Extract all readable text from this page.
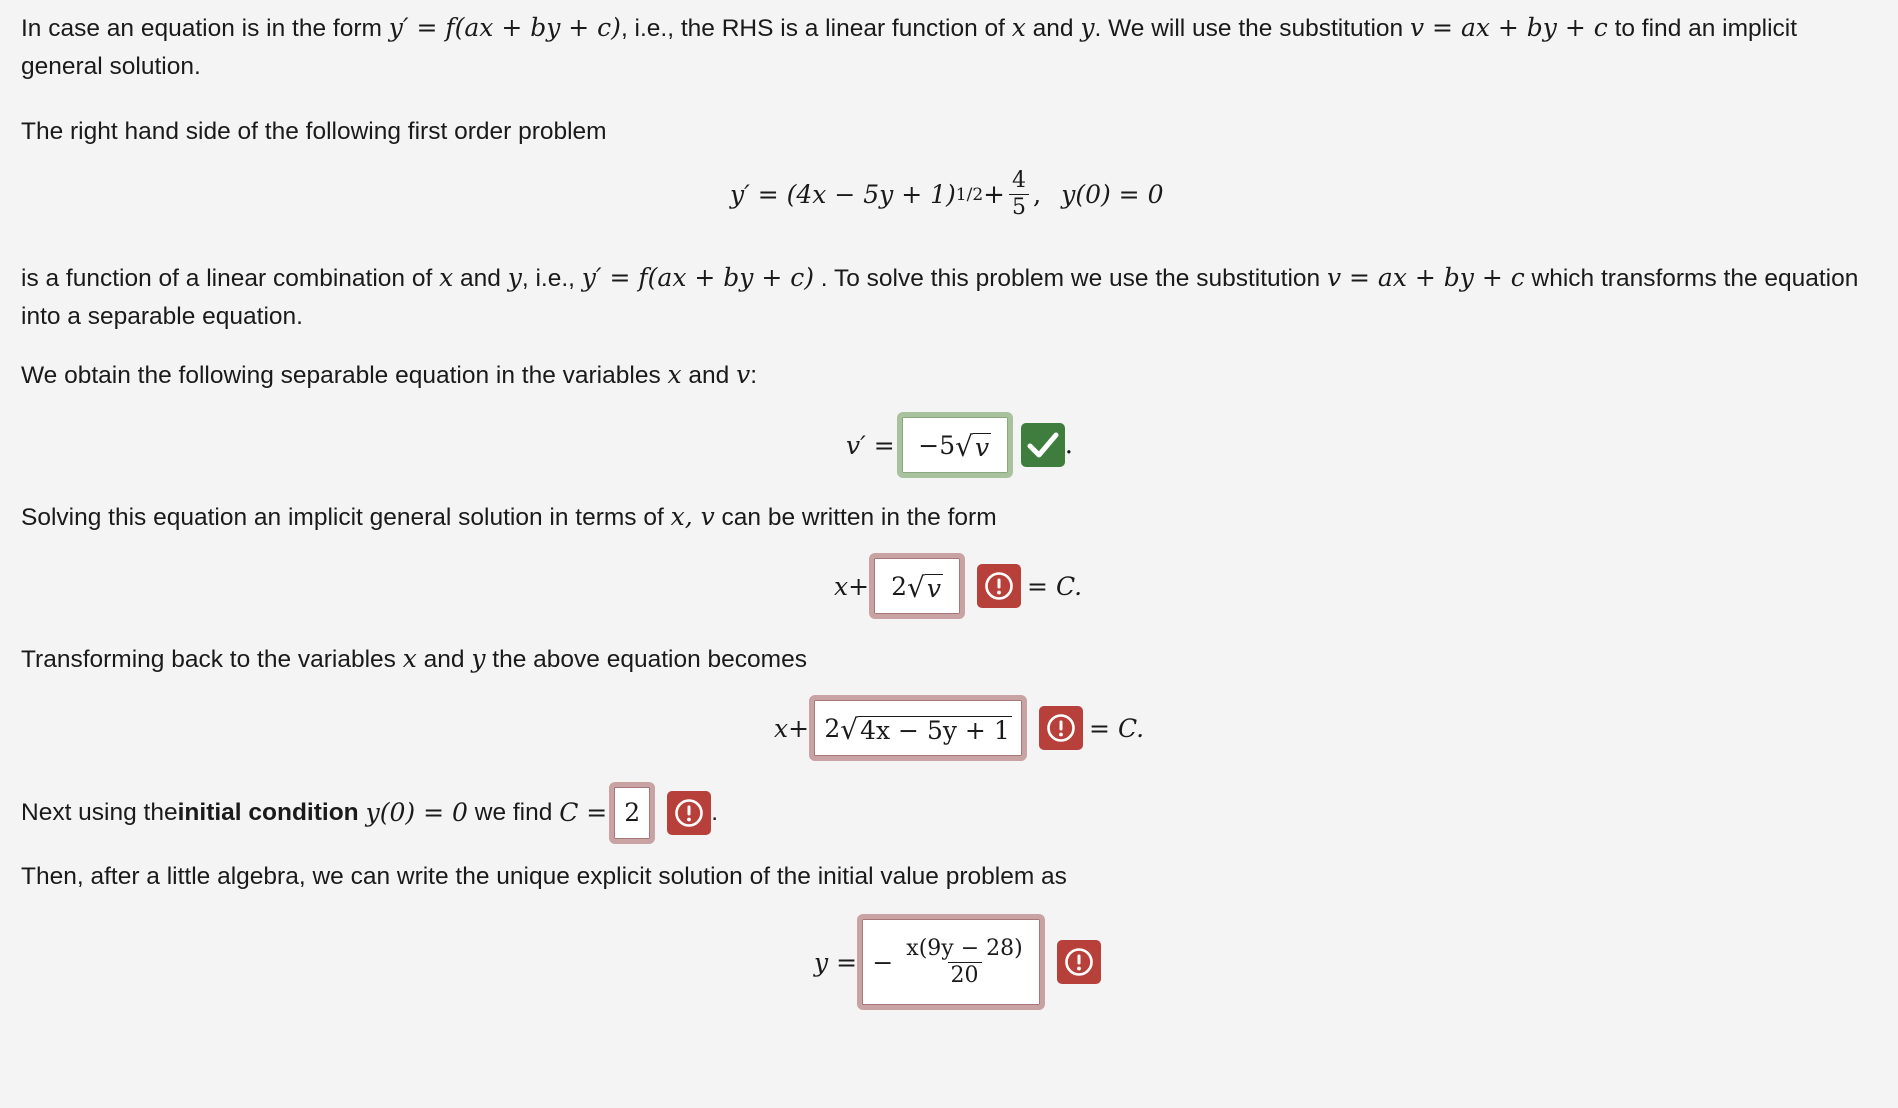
In case an equation is in the form y′ = f(ax + by + c), i.e., the RHS is a linear function of x and y. We will use the substitution v = ax + by + c to find an implicit general solution.
The right hand side of the following first order problem
y′ = (4x − 5y + 1) $1/2 + \frac{4}{5}$ , y(0) = 0
is a function of a linear combination of x and y, i.e., y′ = f(ax + by + c) . To solve this problem we use the substitution v = ax + by + c which transforms the equation into a separable equation.
We obtain the following separable equation in the variables x and v:
v′ = −5 √ v	.
Solving this equation an implicit general solution in terms of x, v can be written in the form
x+ 2 √ v	= C.
Transforming back to the variables x and y the above equation becomes
x+ 2 √ 4x − 5y + 1	= C.
Next using the initial condition y(0) = 0 we find C = 2	.
Then, after a little algebra, we can write the unique explicit solution of the initial value problem as
y = − $\frac{x(9y - 28)}{20}$
